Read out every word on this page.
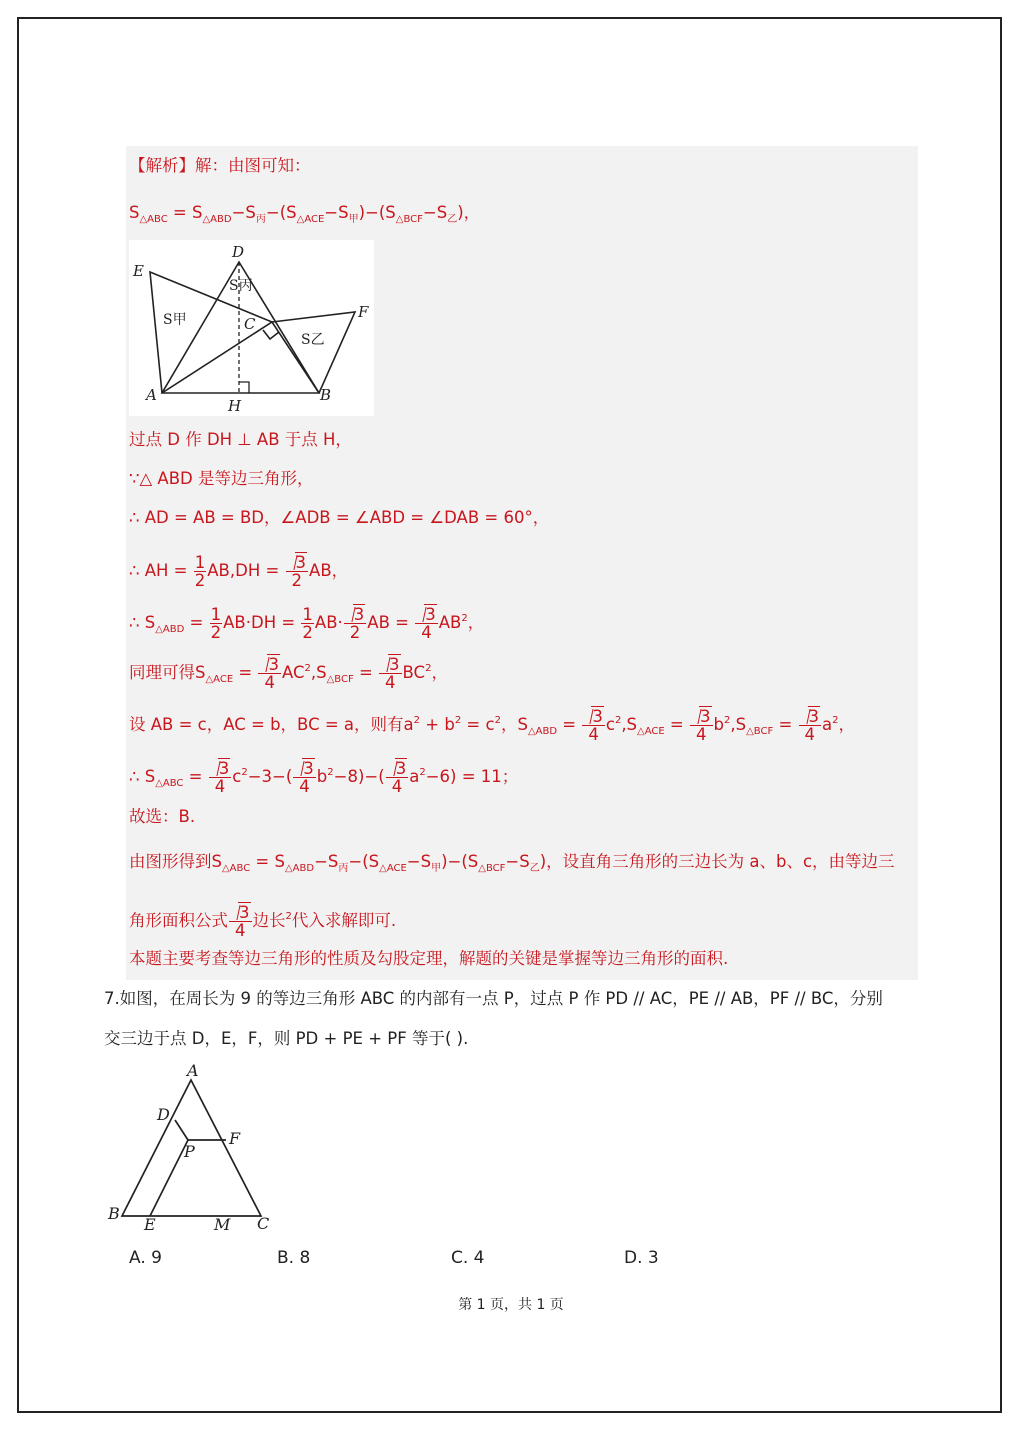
【解析】解：由图可知：
$S_{\triangle ABC} = S_{\triangle ABD}-S_丙-(S_{\triangle ACE}-S_甲)-(S_{\triangle BCF}-S_乙)$，
D
E
F
C
A	B
H
S甲
S丙
S乙
过点 D 作 DH ⊥ AB 于点 H，
∵△ ABD 是等边三角形，
∴ AD = AB = BD，∠ADB = ∠ABD = ∠DAB = 60°，
∴ AH = $\frac{1}{2} AB,DH = \frac{3}{2}$ AB，
∴ $S_{\triangle ABD} = \frac{1}{2} AB\cdot DH = \frac{1}{2} AB\cdot \frac{3}{2}$ AB = $\frac{3}{4} AB^2$，
同理可得$S_{\triangle ACE} = \frac{3}{4} AC^2,S_{\triangle BCF} = \frac{3}{4} BC^2$，
设 AB = c，AC = b，BC = a，则有$a^2 + b^2 = c^2$，$S_{\triangle ABD} = \frac{3}{4} c^2,S_{\triangle ACE} = \frac{3}{4} b^2,S_{\triangle BCF} = \frac{3}{4} a^2$，
∴ $S_{\triangle ABC} = \frac{3}{4} c^2-3-( \frac{3}{4} b^2-8)-( \frac{3}{4} a^2-6) = 11$；
故选：B.
由图形得到$S_{\triangle ABC} = S_{\triangle ABD}-S_丙-(S_{\triangle ACE}-S_甲)-(S_{\triangle BCF}-S_乙)$，设直角三角形的三边长为 a、b、c，由等边三
角形面积公式 $\frac{3}{4}$ 边长$^2$代入求解即可.
本题主要考查等边三角形的性质及勾股定理，解题的关键是掌握等边三角形的面积.
7.如图，在周长为 9 的等边三角形 ABC 的内部有一点 P，过点 P 作 PD // AC，PE // AB，PF // BC，分别
交三边于点 D，E，F，则 PD + PE + PF 等于( ).
A
D
F
P
B
E	M C
A. 9	B. 8	C. 4	D. 3
第 1 页，共 1 页
